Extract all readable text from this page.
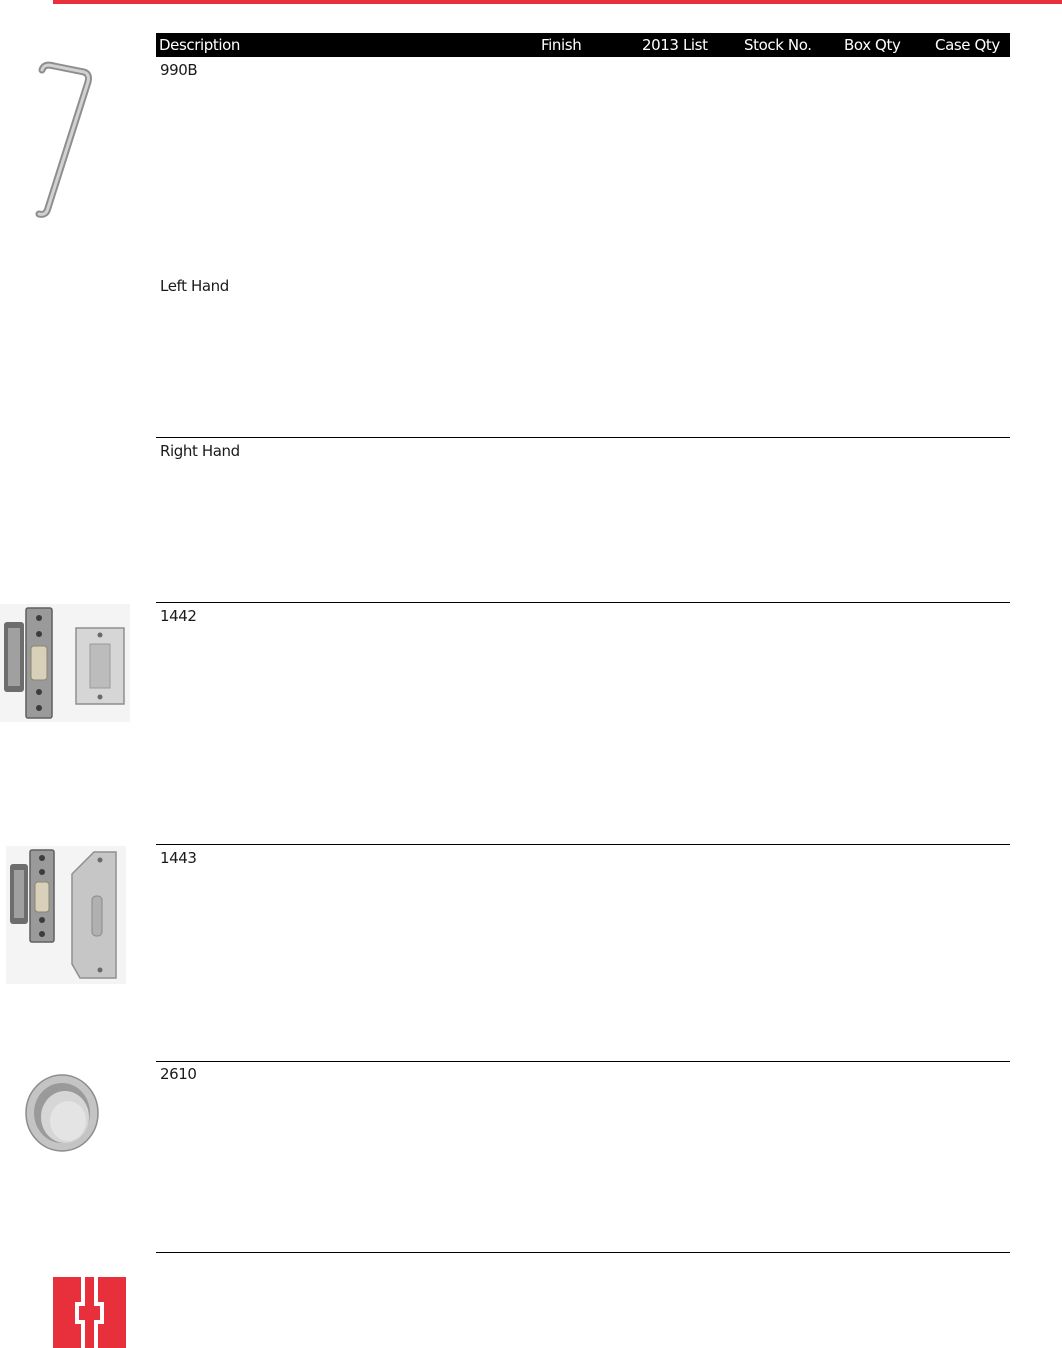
Description	Finish	2013 List Stock No. Box Qty Case Qty
990B
Left Hand
Right Hand
1442
1443
2610
